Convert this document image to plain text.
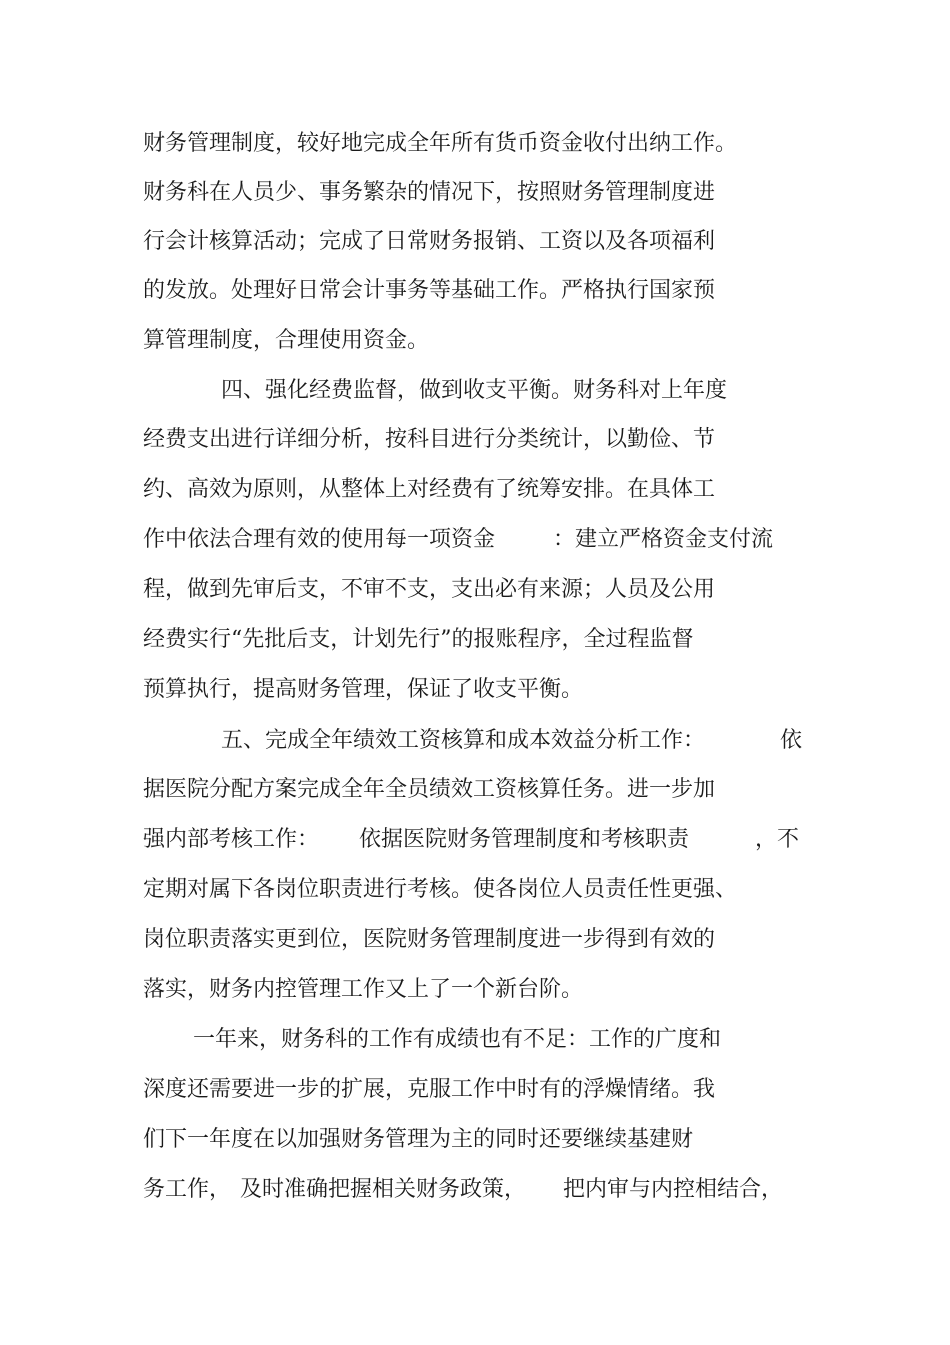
财务管理制度，较好地完成全年所有货币资金收付出纳工作。
财务科在人员少、事务繁杂的情况下，按照财务管理制度进
行会计核算活动；完成了日常财务报销、工资以及各项福利
的发放。处理好日常会计事务等基础工作。严格执行国家预
算管理制度，合理使用资金。
四、强化经费监督，做到收支平衡。财务科对上年度
经费支出进行详细分析，按科目进行分类统计，以勤俭、节
约、高效为原则，从整体上对经费有了统筹安排。在具体工
作中依法合理有效的使用每一项资金	：建立严格资金支付流
程，做到先审后支，不审不支，支出必有来源；人员及公用
经费实行“先批后支，计划先行”的报账程序，全过程监督
预算执行，提高财务管理，保证了收支平衡。
五、完成全年绩效工资核算和成本效益分析工作：	依
据医院分配方案完成全年全员绩效工资核算任务。进一步加
强内部考核工作： 依据医院财务管理制度和考核职责	，不
定期对属下各岗位职责进行考核。使各岗位人员责任性更强、
岗位职责落实更到位，医院财务管理制度进一步得到有效的
落实，财务内控管理工作又上了一个新台阶。
一年来，财务科的工作有成绩也有不足：工作的广度和
深度还需要进一步的扩展，克服工作中时有的浮燥情绪。我
们下一年度在以加强财务管理为主的同时还要继续基建财
务工作， 及时准确把握相关财务政策， 把内审与内控相结合，
